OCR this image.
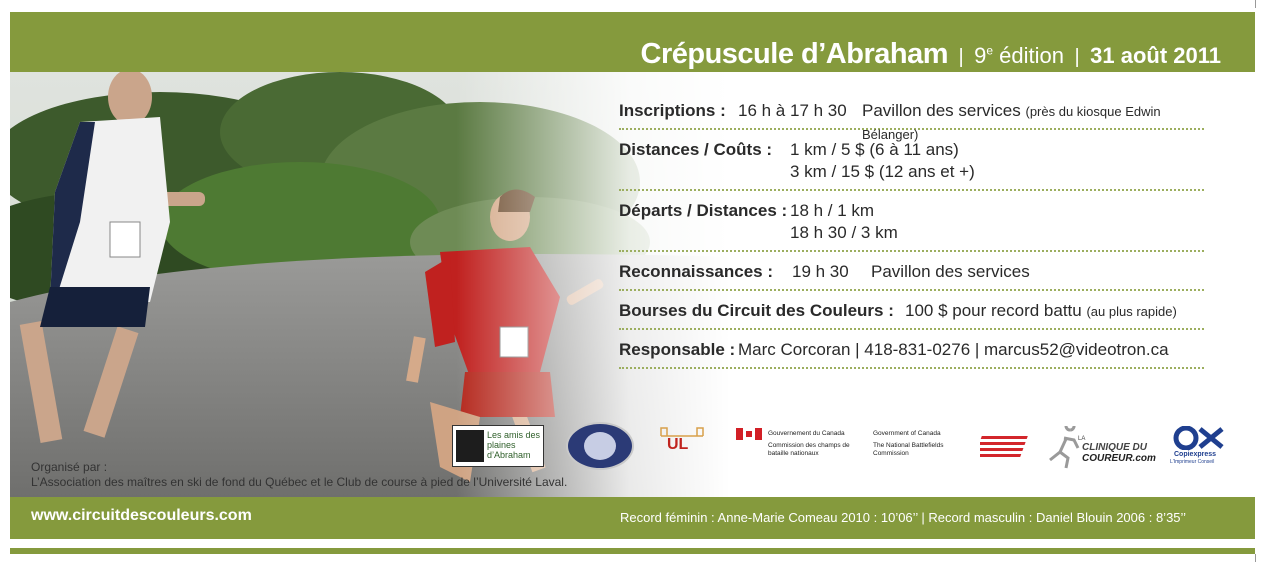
Crépuscule d’Abraham | 9e édition | 31 août 2011
Inscriptions : 16 h à 17 h 30 Pavillon des services (près du kiosque Edwin Bélanger)
Distances / Coûts : 1 km / 5 $ (6 à 11 ans)
3 km / 15 $ (12 ans et +)
Départs / Distances : 18 h / 1 km
18 h 30 / 3 km
Reconnaissances : 19 h 30 Pavillon des services
Bourses du Circuit des Couleurs : 100 $ pour record battu (au plus rapide)
Responsable : Marc Corcoran | 418-831-0276 | marcus52@videotron.ca
Les amis des plaines d’Abraham
UL
Gouvernement du Canada
Commission des champs de bataille nationaux
Government of Canada
The National Battlefields Commission
LA
CLINIQUE DU
COUREUR.com	Copiexpress
L'Imprimeur Conseil
Organisé par :
L’Association des maîtres en ski de fond du Québec et le Club de course à pied de l’Université Laval.
www.circuitdescouleurs.com	Record féminin : Anne-Marie Comeau 2010 : 10’06’’ | Record masculin : Daniel Blouin 2006 : 8’35’’
